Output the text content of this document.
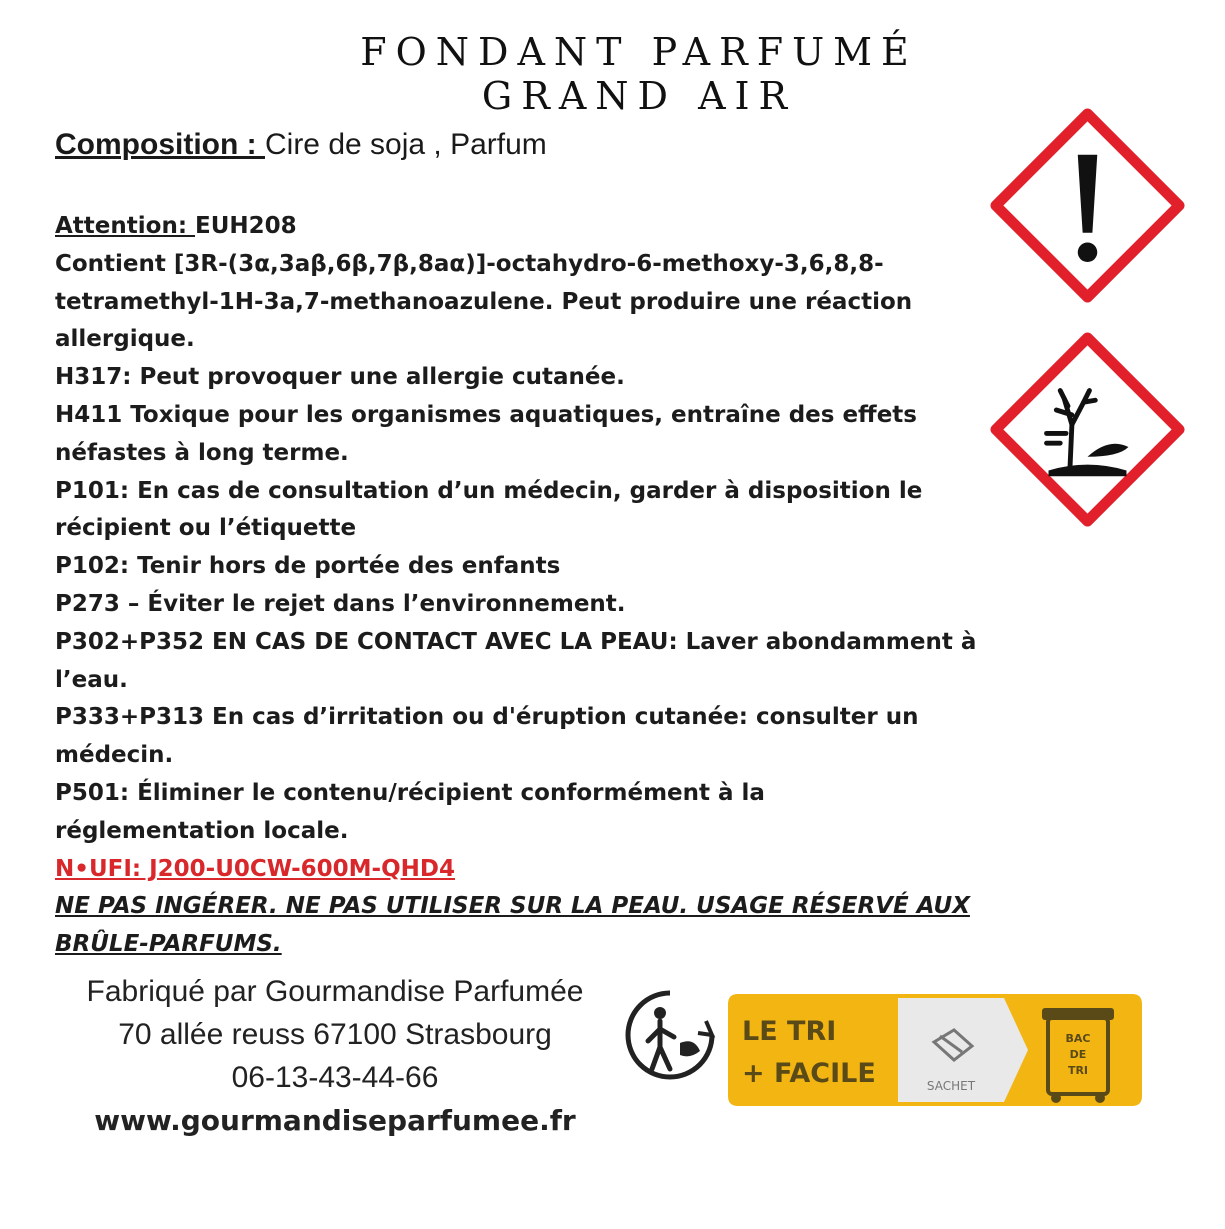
FONDANT PARFUMÉ
GRAND AIR
Composition : Cire de soja , Parfum

Attention: EUH208

Contient [3R-(3α,3aβ,6β,7β,8aα)]-octahydro-6-methoxy-3,6,8,8-tetramethyl-1H-3a,7-methanoazulene. Peut produire une réaction allergique.

H317: Peut provoquer une allergie cutanée.

H411 Toxique pour les organismes aquatiques, entraîne des effets néfastes à long terme.

P101: En cas de consultation d’un médecin, garder à disposition le récipient ou l’étiquette

P102: Tenir hors de portée des enfants

P273 – Éviter le rejet dans l’environnement.

P302+P352 EN CAS DE CONTACT AVEC LA PEAU: Laver abondamment à l’eau.

P333+P313 En cas d’irritation ou d'éruption cutanée: consulter un médecin.

P501: Éliminer le contenu/récipient conformément à la réglementation locale.

N•UFI: J200-U0CW-600M-QHD4

NE PAS INGÉRER. NE PAS UTILISER SUR LA PEAU. USAGE RÉSERVÉ AUX BRÛLE-PARFUMS.

Fabriqué par Gourmandise Parfumée
70 allée reuss 67100 Strasbourg
06-13-43-44-66
www.gourmandiseparfumee.fr
SACHET
LE TRI
+ FACILE
BAC
DE
TRI
